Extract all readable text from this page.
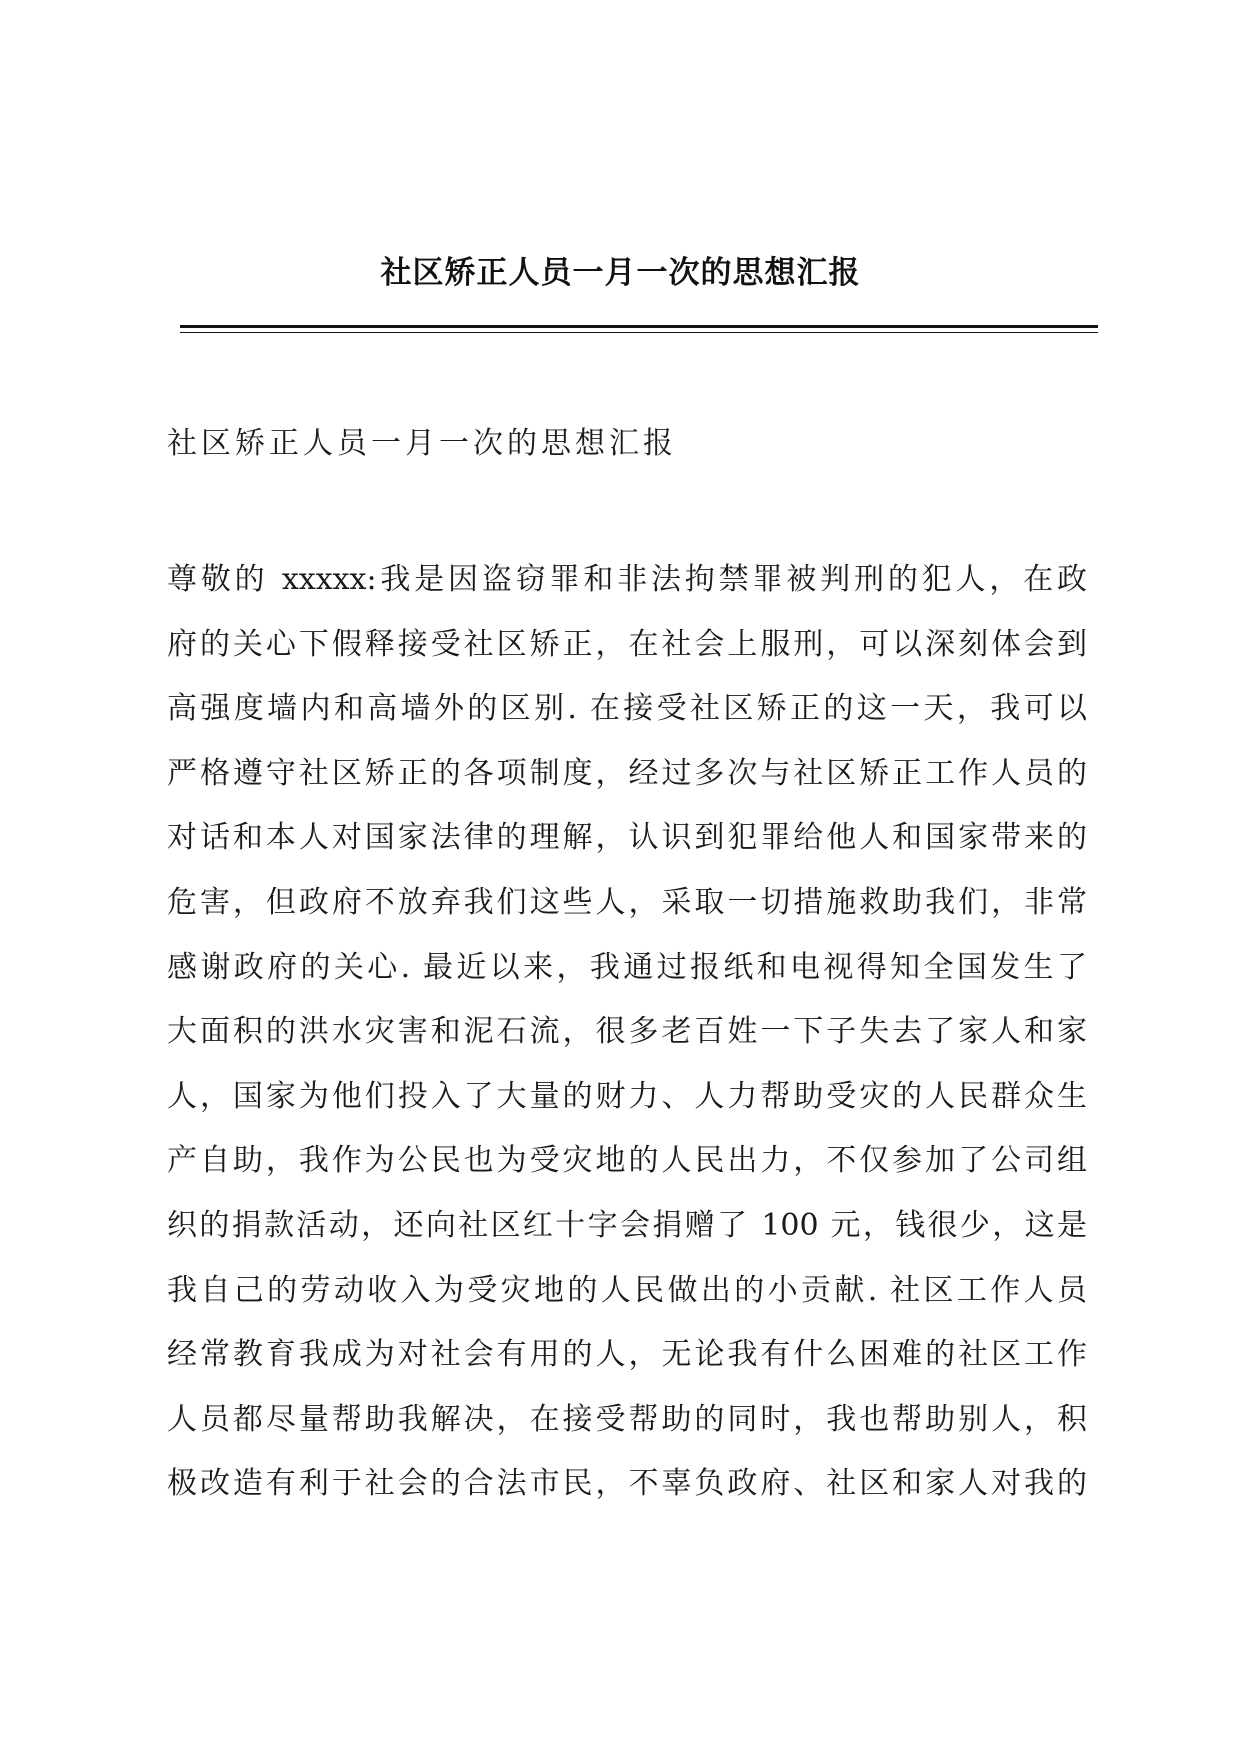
社区矫正人员一月一次的思想汇报
社区矫正人员一月一次的思想汇报
尊敬的 xxxxx:我是因盗窃罪和非法拘禁罪被判刑的犯人，在政
府的关心下假释接受社区矫正，在社会上服刑，可以深刻体会到
高强度墙内和高墙外的区别. 在接受社区矫正的这一天，我可以
严格遵守社区矫正的各项制度，经过多次与社区矫正工作人员的
对话和本人对国家法律的理解，认识到犯罪给他人和国家带来的
危害，但政府不放弃我们这些人，采取一切措施救助我们，非常
感谢政府的关心. 最近以来，我通过报纸和电视得知全国发生了
大面积的洪水灾害和泥石流，很多老百姓一下子失去了家人和家
人，国家为他们投入了大量的财力、人力帮助受灾的人民群众生
产自助，我作为公民也为受灾地的人民出力，不仅参加了公司组
织的捐款活动，还向社区红十字会捐赠了 100 元，钱很少，这是
我自己的劳动收入为受灾地的人民做出的小贡献. 社区工作人员
经常教育我成为对社会有用的人，无论我有什么困难的社区工作
人员都尽量帮助我解决，在接受帮助的同时，我也帮助别人，积
极改造有利于社会的合法市民，不辜负政府、社区和家人对我的
